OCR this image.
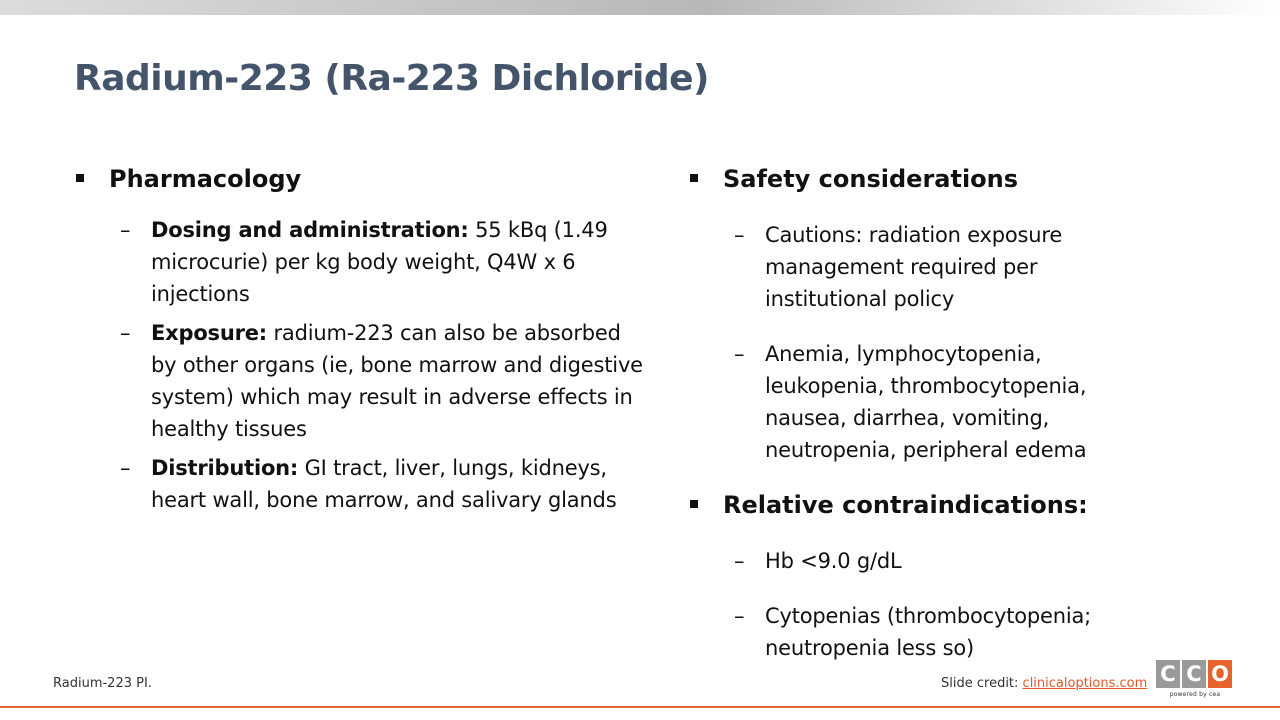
Radium-223 (Ra-223 Dichloride)
Pharmacology
– Dosing and administration: 55 kBq (1.49 microcurie) per kg body weight, Q4W x 6 injections
– Exposure: radium-223 can also be absorbed by other organs (ie, bone marrow and digestive system) which may result in adverse effects in healthy tissues
– Distribution: GI tract, liver, lungs, kidneys, heart wall, bone marrow, and salivary glands
Safety considerations
– Cautions: radiation exposure management required per institutional policy
– Anemia, lymphocytopenia, leukopenia, thrombocytopenia, nausea, diarrhea, vomiting, neutropenia, peripheral edema
Relative contraindications:
– Hb <9.0 g/dL
– Cytopenias (thrombocytopenia; neutropenia less so)
Radium-223 PI.	Slide credit: clinicaloptions.com C C O
powered by cea
